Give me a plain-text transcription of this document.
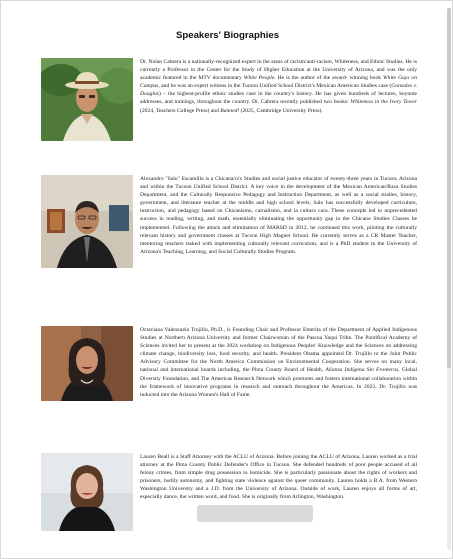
Speakers' Biographies

Dr. Nolan Cabrera is a nationally-recognized expert in the areas of racism/anti-racism, Whiteness, and Ethnic Studies. He is currently a Professor in the Center for the Study of Higher Education at the University of Arizona, and was the only academic featured in the MTV documentary White People. He is the author of the award- winning book White Guys on Campus, and he was an expert witness in the Tucson Unified School District's Mexican American Studies case (Gonzales v. Douglas) – the highest-profile ethnic studies case in the country's history. He has given hundreds of lectures, keynote addresses, and trainings, throughout the country. Dr. Cabrera recently published two books: Whiteness in the Ivory Tower (2024, Teachers College Press) and Banned! (2025, Cambridge University Press).

Alexandro "Salo" Escamilla is a Chicana/o/x Studies and social justice educator of twenty-three years in Tucson, Arizona and within the Tucson Unified School District. A key voice in the development of the Mexican American/Raza Studies Department, and the Culturally Responsive Pedagogy and Instruction Department, as well as a social studies, history, government, and literature teacher at the middle and high school levels; Salo has successfully developed curriculum, instruction, and pedagogy based on Chicanismo, carnalismo, and la cultura cura. These concepts led to unprecedented success in reading, writing, and math, essentially eliminating the opportunity gap in the Chicano Studies Classes he implemented. Following the attack and elimination of MARSD in 2012, he continued this work, piloting the culturally relevant history and government classes at Tucson High Magnet School. He currently serves as a CR Master Teacher, mentoring teachers tasked with implementing culturally relevant curriculum, and is a PhD student in the University of Arizona's Teaching, Learning, and Social Culturally Studies Program.

Octaviana Valenzuela Trujillo, Ph.D., is Founding Chair and Professor Emerita of the Department of Applied Indigenous Studies at Northern Arizona University and former Chairwoman of the Pascua Yaqui Tribe. The Pontifical Academy of Sciences invited her to present at the 2024 workshop on Indigenous Peoples' Knowledge and the Sciences on addressing climate change, biodiversity loss, food security, and health. President Obama appointed Dr. Trujillo to the Joint Public Advisory Committee for the North America Commission on Environmental Cooperation. She serves on many local, national and international boards including, the Pima County Board of Health, Alianza Indígena Sin Fronteras, Global Diversity Foundation, and The Americas Research Network which promotes and fosters international collaboration within the framework of innovative programs in research and outreach throughout the Americas. In 2023, Dr. Trujillo was inducted into the Arizona Women's Hall of Fame.

Lauren Beall is a Staff Attorney with the ACLU of Arizona. Before joining the ACLU of Arizona, Lauren worked as a trial attorney at the Pima County Public Defender's Office in Tucson. She defended hundreds of poor people accused of all felony crimes, from simple drug possession to homicide. She is particularly passionate about the rights of workers and prisoners, bodily autonomy, and fighting state violence against the queer community. Lauren holds a B.A. from Western Washington University and a J.D. from the University of Arizona. Outside of work, Lauren enjoys all forms of art, especially dance, the written word, and food. She is originally from Arlington, Washington.
